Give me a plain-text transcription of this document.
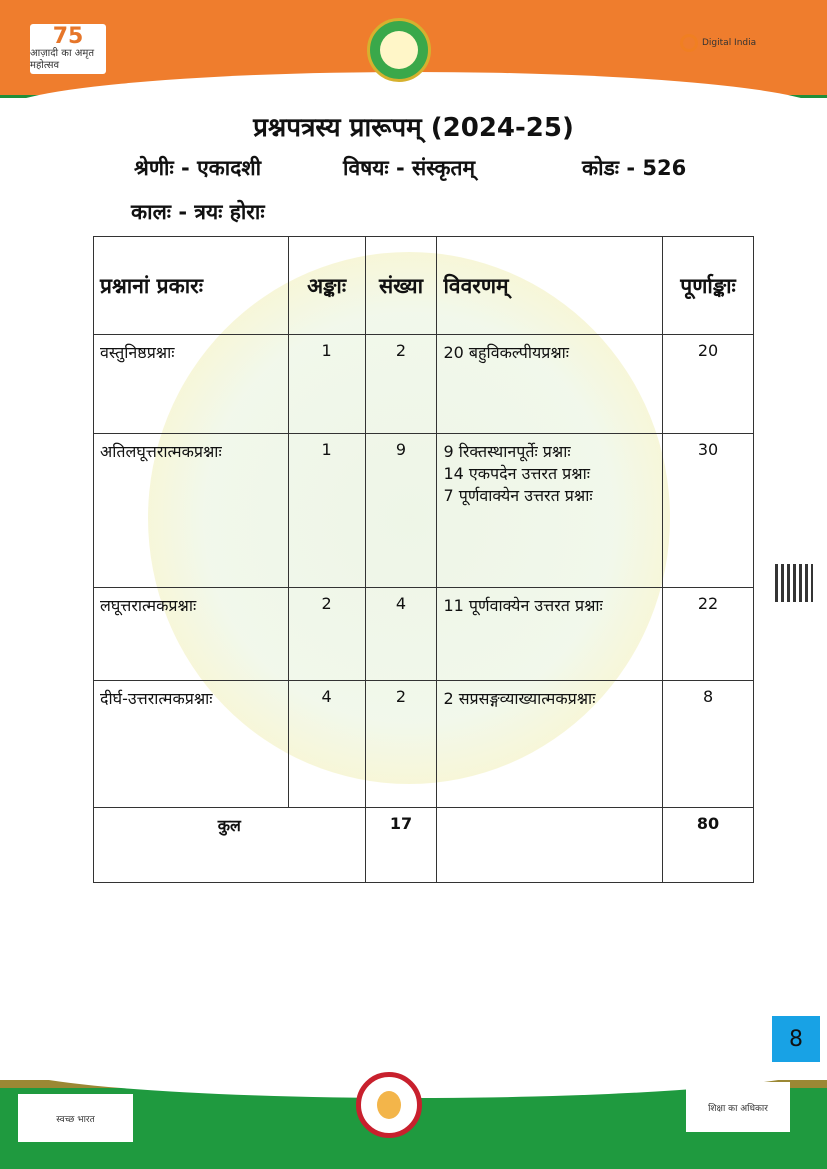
75
आज़ादी का अमृत महोत्सव
Digital India
प्रश्नपत्रस्य प्रारूपम् (2024-25)
श्रेणीः - एकादशी	विषयः - संस्कृतम्	कोडः - 526
कालः - त्रयः होराः
प्रश्नानां प्रकारः	अङ्काः	संख्या	विवरणम्	पूर्णाङ्काः
वस्तुनिष्ठप्रश्नाः	1	2	20 बहुविकल्पीयप्रश्नाः	20
अतिलघूत्तरात्मकप्रश्नाः	1	9	9 रिक्तस्थानपूर्तेः प्रश्नाः
14 एकपदेन उत्तरत प्रश्नाः
7 पूर्णवाक्येन उत्तरत प्रश्नाः	30
लघूत्तरात्मकप्रश्नाः	2	4	11 पूर्णवाक्येन उत्तरत प्रश्नाः	22
दीर्घ-उत्तरात्मकप्रश्नाः	4	2	2 सप्रसङ्गव्याख्यात्मकप्रश्नाः	8
कुल		17		80
8
स्वच्छ भारत
शिक्षा का अधिकार
